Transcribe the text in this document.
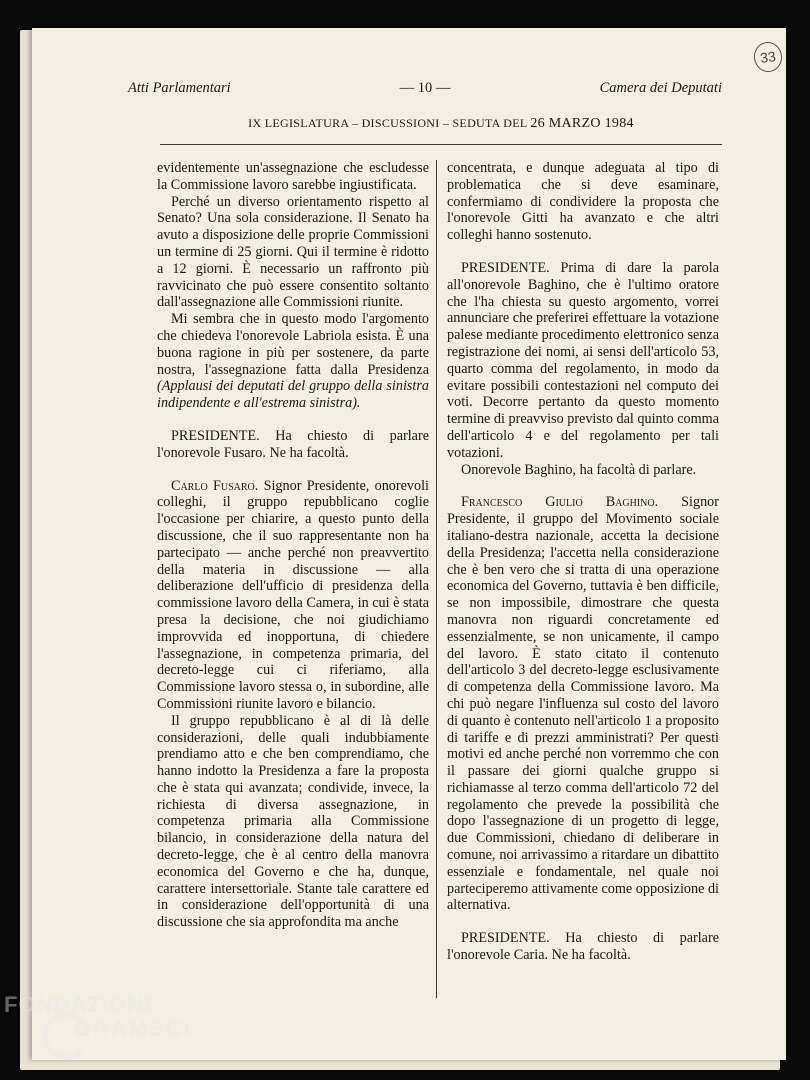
33
Atti Parlamentari	— 10 —	Camera dei Deputati
IX LEGISLATURA – DISCUSSIONI – SEDUTA DEL 26 MARZO 1984

evidentemente un'assegnazione che escludesse la Commissione lavoro sarebbe ingiustificata.

Perché un diverso orientamento rispetto al Senato? Una sola considerazione. Il Senato ha avuto a disposizione delle proprie Commissioni un termine di 25 giorni. Qui il termine è ridotto a 12 giorni. È necessario un raffronto più ravvicinato che può essere consentito soltanto dall'assegnazione alle Commissioni riunite.

Mi sembra che in questo modo l'argomento che chiedeva l'onorevole Labriola esista. È una buona ragione in più per sostenere, da parte nostra, l'assegnazione fatta dalla Presidenza (Applausi dei deputati del gruppo della sinistra indipendente e all'estrema sinistra).

PRESIDENTE. Ha chiesto di parlare l'onorevole Fusaro. Ne ha facoltà.

Carlo Fusaro. Signor Presidente, onorevoli colleghi, il gruppo repubblicano coglie l'occasione per chiarire, a questo punto della discussione, che il suo rappresentante non ha partecipato — anche perché non preavvertito della materia in discussione — alla deliberazione dell'ufficio di presidenza della commissione lavoro della Camera, in cui è stata presa la decisione, che noi giudichiamo improvvida ed inopportuna, di chiedere l'assegnazione, in competenza primaria, del decreto-legge cui ci riferiamo, alla Commissione lavoro stessa o, in subordine, alle Commissioni riunite lavoro e bilancio.

Il gruppo repubblicano è al di là delle considerazioni, delle quali indubbiamente prendiamo atto e che ben comprendiamo, che hanno indotto la Presidenza a fare la proposta che è stata qui avanzata; condivide, invece, la richiesta di diversa assegnazione, in competenza primaria alla Commissione bilancio, in considerazione della natura del decreto-legge, che è al centro della manovra economica del Governo e che ha, dunque, carattere intersettoriale. Stante tale carattere ed in considerazione dell'opportunità di una discussione che sia approfondita ma anche

concentrata, e dunque adeguata al tipo di problematica che si deve esaminare, confermiamo di condividere la proposta che l'onorevole Gitti ha avanzato e che altri colleghi hanno sostenuto.

PRESIDENTE. Prima di dare la parola all'onorevole Baghino, che è l'ultimo oratore che l'ha chiesta su questo argomento, vorrei annunciare che preferirei effettuare la votazione palese mediante procedimento elettronico senza registrazione dei nomi, ai sensi dell'articolo 53, quarto comma del regolamento, in modo da evitare possibili contestazioni nel computo dei voti. Decorre pertanto da questo momento termine di preavviso previsto dal quinto comma dell'articolo 4 e del regolamento per tali votazioni.

Onorevole Baghino, ha facoltà di parlare.

Francesco Giulio Baghino. Signor Presidente, il gruppo del Movimento sociale italiano-destra nazionale, accetta la decisione della Presidenza; l'accetta nella considerazione che è ben vero che si tratta di una operazione economica del Governo, tuttavia è ben difficile, se non impossibile, dimostrare che questa manovra non riguardi concretamente ed essenzialmente, se non unicamente, il campo del lavoro. È stato citato il contenuto dell'articolo 3 del decreto-legge esclusivamente di competenza della Commissione lavoro. Ma chi può negare l'influenza sul costo del lavoro di quanto è contenuto nell'articolo 1 a proposito di tariffe e di prezzi amministrati? Per questi motivi ed anche perché non vorremmo che con il passare dei giorni qualche gruppo si richiamasse al terzo comma dell'articolo 72 del regolamento che prevede la possibilità che dopo l'assegnazione di un progetto di legge, due Commissioni, chiedano di deliberare in comune, noi arrivassimo a ritardare un dibattito essenziale e fondamentale, nel quale noi parteciperemo attivamente come opposizione di alternativa.

PRESIDENTE. Ha chiesto di parlare l'onorevole Caria. Ne ha facoltà.

FONDAZIONE
GRAMSCI
